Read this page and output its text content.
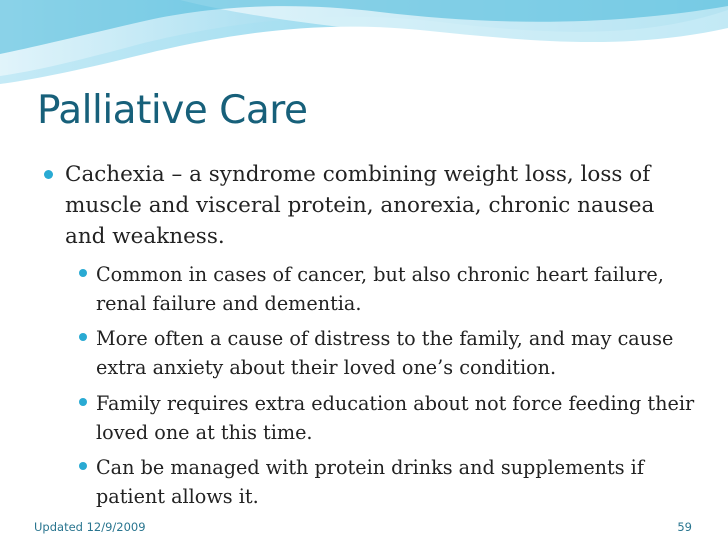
Palliative Care
Cachexia – a syndrome combining weight loss, loss of muscle and visceral protein, anorexia, chronic nausea and weakness.
Common in cases of cancer, but also chronic heart failure, renal failure and dementia.
More often a cause of distress to the family, and may cause extra anxiety about their loved one’s condition.
Family requires extra education about not force feeding their loved one at this time.
Can be managed with protein drinks and supplements if patient allows it.
Updated 12/9/2009	59
